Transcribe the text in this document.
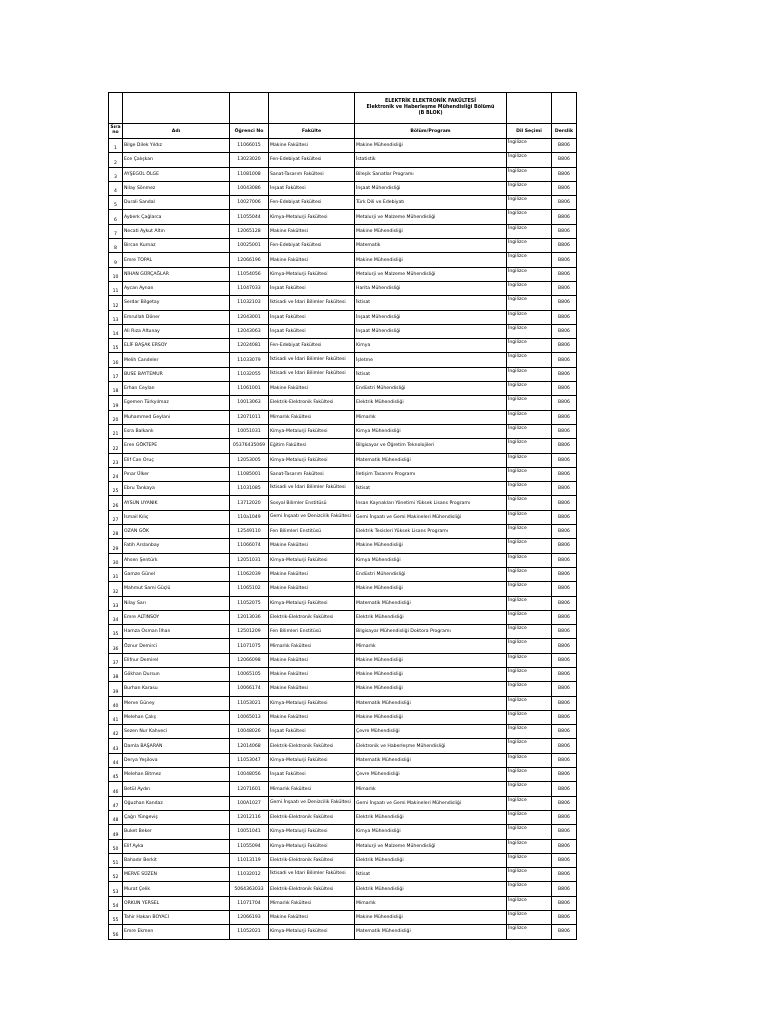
				ELEKTRİK ELEKTRONİK FAKÜLTESİ
Elektronik ve Haberleşme Mühendisliği Bölümü
(B BLOK)		

Sıra no	Adı	Öğrenci No	Fakülte	Bölüm/Program	Dil Seçimi	Derslik
1	Bilge Dilek Yıldız	11066015	Makine Fakültesi	Makine Mühendisliği	İngilizce	B806
2	Ece Çalışkan	13023020	Fen-Edebiyat Fakültesi	İstatistik	İngilizce	B806
3	AYŞEGÜL ÖLGE	11081008	Sanat-Tasarım Fakültesi	Bileşik Sanatlar Programı	İngilizce	B806
4	Nilay Sönmez	10043086	İnşaat Fakültesi	İnşaat Mühendisliği	İngilizce	B806
5	Durali Sandal	10027006	Fen-Edebiyat Fakültesi	Türk Dili ve Edebiyatı	İngilizce	B806
6	Ayberk Çağlarca	11055044	Kimya-Metalurji Fakültesi	Metalurji ve Malzeme Mühendisliği	İngilizce	B806
7	Necati Aykut Altın	12065128	Makine Fakültesi	Makine Mühendisliği	İngilizce	B806
8	Bircan Kurnaz	10025001	Fen-Edebiyat Fakültesi	Matematik	İngilizce	B806
9	Emre TOPAL	12066196	Makine Fakültesi	Makine Mühendisliği	İngilizce	B806
10	NİHAN GÜRÇAĞLAR	11054056	Kimya-Metalurji Fakültesi	Metalurji ve Malzeme Mühendisliği	İngilizce	B806
11	Aycan Aynan	11047033	İnşaat Fakültesi	Harita Mühendisliği	İngilizce	B806
12	Serdar Bilgetay	11032103	İktisadi ve İdari Bilimler Fakültesi	İktisat	İngilizce	B806
13	Emrullah Döner	12043001	İnşaat Fakültesi	İnşaat Mühendisliği	İngilizce	B806
14	Ali Rıza Altunay	12043063	İnşaat Fakültesi	İnşaat Mühendisliği	İngilizce	B806
15	ELİF BAŞAK ERSOY	12024081	Fen-Edebiyat Fakültesi	Kimya	İngilizce	B806
16	Melih Candeler	11033079	İktisadi ve İdari Bilimler Fakültesi	İşletme	İngilizce	B806
17	BUSE BAYTEMUR	11032055	İktisadi ve İdari Bilimler Fakültesi	İktisat	İngilizce	B806
18	Erhan Ceylan	11061001	Makine Fakültesi	Endüstri Mühendisliği	İngilizce	B806
19	Egemen Türkyılmaz	10013063	Elektrik-Elektronik Fakültesi	Elektrik Mühendisliği	İngilizce	B806
20	Muhammed Geylani	12071011	Mimarlık Fakültesi	Mimarlık	İngilizce	B806
21	Esra Balkanlı	10051031	Kimya-Metalurji Fakültesi	Kimya Mühendisliği	İngilizce	B806
22	Eren GÖKTEPE	05376435069	Eğitim Fakültesi	Bilgisayar ve Öğretim Teknolojileri	İngilizce	B806
23	Elif Can Oruç	12053005	Kimya-Metalurji Fakültesi	Matematik Mühendisliği	İngilizce	B806
24	Pınar Ülker	11085001	Sanat-Tasarım Fakültesi	İletişim Tasarımı Programı	İngilizce	B806
25	Ebru Tankaya	11031085	İktisadi ve İdari Bilimler Fakültesi	İktisat	İngilizce	B806
26	AYSUN UYANIK	13712020	Sosyal Bilimler Enstitüsü	İnsan Kaynakları Yönetimi Yüksek Lisans Programı	İngilizce	B806
27	İsmail Kılıç	110a1049	Gemi İnşaatı ve Denizcilik Fakültesi	Gemi İnşaatı ve Gemi Makineleri Mühendisliği	İngilizce	B806
28	OZAN GÖK	12549110	Fen Bilimleri Enstitüsü	Elektrik Tesisleri Yüksek Lisans Programı	İngilizce	B806
29	Fatih Arslanbay	11066074	Makine Fakültesi	Makine Mühendisliği	İngilizce	B806
30	Ahsen Şentürk	12051031	Kimya-Metalurji Fakültesi	Kimya Mühendisliği	İngilizce	B806
31	Gamze Günel	11062039	Makine Fakültesi	Endüstri Mühendisliği	İngilizce	B806
32	Mahmut Sami Güçlü	11065102	Makine Fakültesi	Makine Mühendisliği	İngilizce	B806
33	Nilay Sarı	11052075	Kimya-Metalurji Fakültesi	Matematik Mühendisliği	İngilizce	B806
34	Emre ALTINSOY	12013036	Elektrik-Elektronik Fakültesi	Elektrik Mühendisliği	İngilizce	B806
35	Hamza Osman İlhan	12501209	Fen Bilimleri Enstitüsü	Bilgisayar Mühendisliği Doktora Programı	İngilizce	B806
36	Öznur Demirci	11071075	Mimarlık Fakültesi	Mimarlık	İngilizce	B806
37	Elifnur Demirel	12066098	Makine Fakültesi	Makine Mühendisliği	İngilizce	B806
38	Gökhan Dursun	10065105	Makine Fakültesi	Makine Mühendisliği	İngilizce	B806
39	Burhan Karasu	10066174	Makine Fakültesi	Makine Mühendisliği	İngilizce	B806
40	Merve Güney	11053021	Kimya-Metalurji Fakültesi	Matematik Mühendisliği	İngilizce	B806
41	Melehan Çalış	10065013	Makine Fakültesi	Makine Mühendisliği	İngilizce	B806
42	Sezen Nur Kahveci	10048026	İnşaat Fakültesi	Çevre Mühendisliği	İngilizce	B806
43	Damla BAŞARAN	12014068	Elektrik-Elektronik Fakültesi	Elektronik ve Haberleşme Mühendisliği	İngilizce	B806
44	Derya Yeşilova	11053047	Kimya-Metalurji Fakültesi	Matematik Mühendisliği	İngilizce	B806
45	Melehan Bitmez	10048056	İnşaat Fakültesi	Çevre Mühendisliği	İngilizce	B806
46	Betül Aydın	12071601	Mimarlık Fakültesi	Mimarlık	İngilizce	B806
47	Oğuzhan Kandaz	100A1027	Gemi İnşaatı ve Denizcilik Fakültesi	Gemi İnşaatı ve Gemi Makineleri Mühendisliği	İngilizce	B806
48	Çağrı Yüngeviş	12012116	Elektrik-Elektronik Fakültesi	Elektrik Mühendisliği	İngilizce	B806
49	Buket Beker	10051041	Kimya-Metalurji Fakültesi	Kimya Mühendisliği	İngilizce	B806
50	Elif Ayka	11055094	Kimya-Metalurji Fakültesi	Metalurji ve Malzeme Mühendisliği	İngilizce	B806
51	Bahadır Berkit	11013119	Elektrik-Elektronik Fakültesi	Elektrik Mühendisliği	İngilizce	B806
52	MERVE SÜZEN	11032012	İktisadi ve İdari Bilimler Fakültesi	İktisat	İngilizce	B806
53	Murat Çelik	5064363033	Elektrik-Elektronik Fakültesi	Elektrik Mühendisliği	İngilizce	B806
54	ORKUN YERSEL	11071704	Mimarlık Fakültesi	Mimarlık	İngilizce	B806
55	Tahir Hakan BOYACI	12066193	Makine Fakültesi	Makine Mühendisliği	İngilizce	B806
56	Emre Ekmen	11052021	Kimya-Metalurji Fakültesi	Matematik Mühendisliği	İngilizce	B806
